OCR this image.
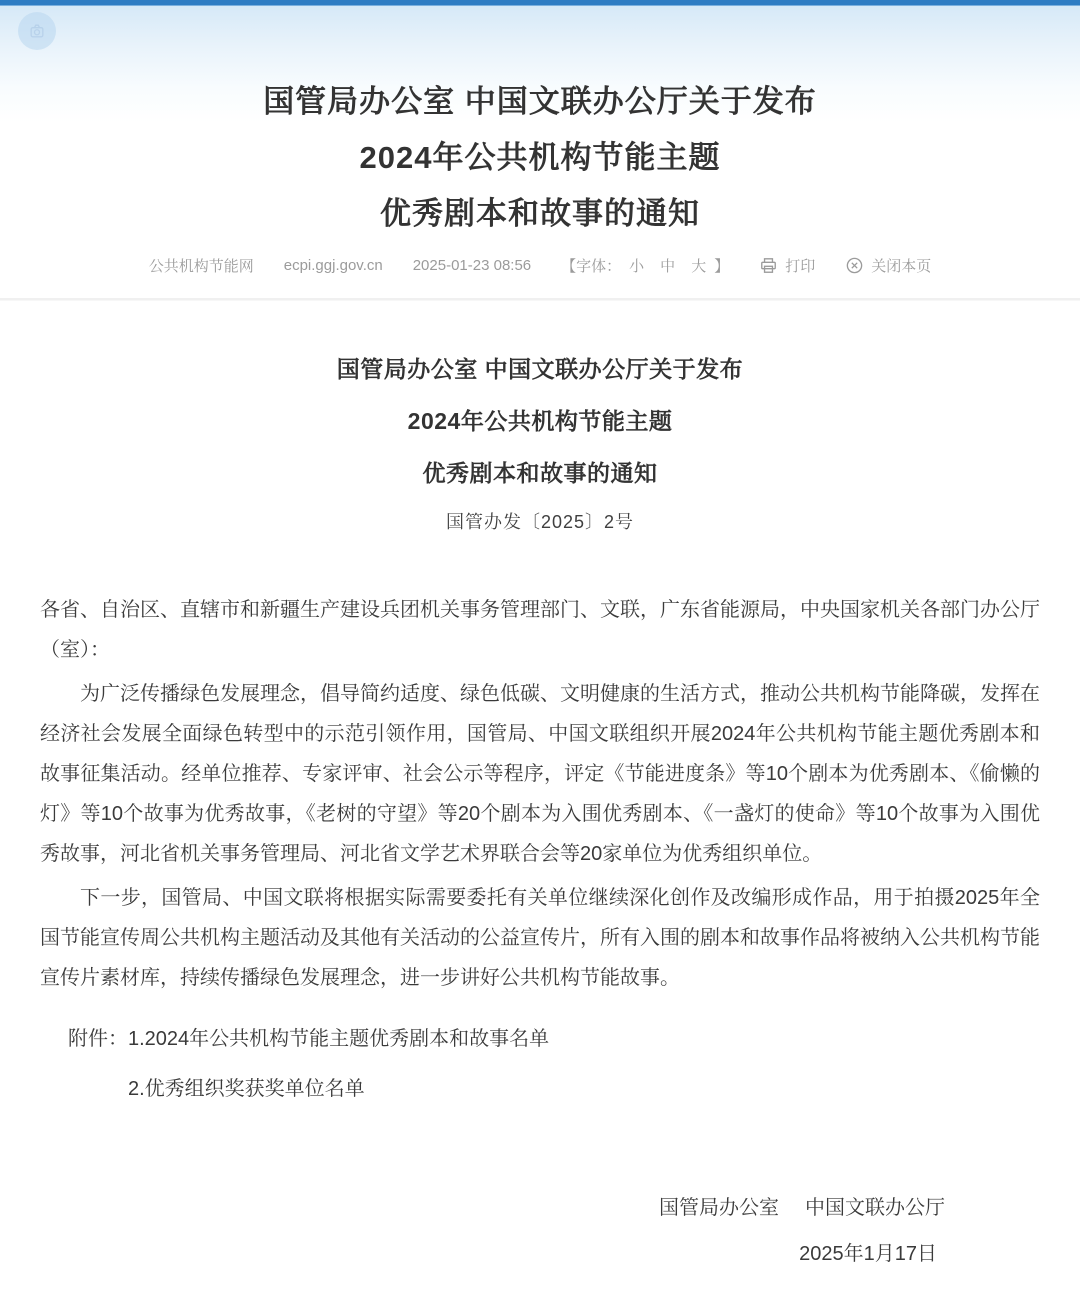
国管局办公室 中国文联办公厅关于发布
2024年公共机构节能主题
优秀剧本和故事的通知
公共机构节能网 ecpi.ggj.gov.cn 2025-01-23 08:56 【字体： 小 中 大 】	打印	关闭本页
国管局办公室 中国文联办公厅关于发布
2024年公共机构节能主题
优秀剧本和故事的通知
国管办发〔2025〕2号

各省、自治区、直辖市和新疆生产建设兵团机关事务管理部门、文联，广东省能源局，中央国家机关各部门办公厅（室）：

为广泛传播绿色发展理念，倡导简约适度、绿色低碳、文明健康的生活方式，推动公共机构节能降碳，发挥在经济社会发展全面绿色转型中的示范引领作用，国管局、中国文联组织开展2024年公共机构节能主题优秀剧本和故事征集活动。经单位推荐、专家评审、社会公示等程序，评定《节能进度条》等10个剧本为优秀剧本、《偷懒的灯》等10个故事为优秀故事，《老树的守望》等20个剧本为入围优秀剧本、《一盏灯的使命》等10个故事为入围优秀故事，河北省机关事务管理局、河北省文学艺术界联合会等20家单位为优秀组织单位。

下一步，国管局、中国文联将根据实际需要委托有关单位继续深化创作及改编形成作品，用于拍摄2025年全国节能宣传周公共机构主题活动及其他有关活动的公益宣传片，所有入围的剧本和故事作品将被纳入公共机构节能宣传片素材库，持续传播绿色发展理念，进一步讲好公共机构节能故事。

附件： 1.2024年公共机构节能主题优秀剧本和故事名单
2.优秀组织奖获奖单位名单
国管局办公室 中国文联办公厅
2025年1月17日
